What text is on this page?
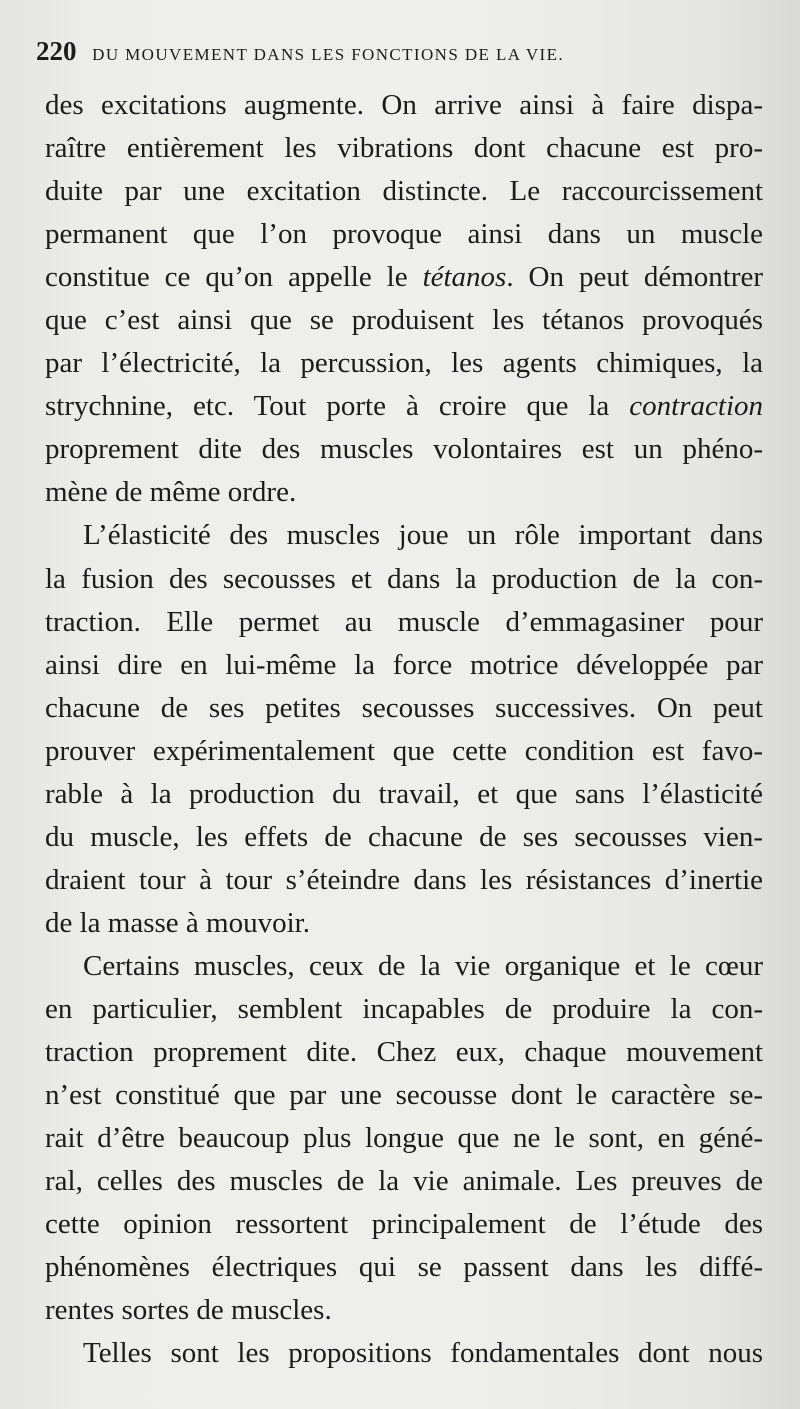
220 DU MOUVEMENT DANS LES FONCTIONS DE LA VIE.
des excitations augmente. On arrive ainsi à faire dispa-
raître entièrement les vibrations dont chacune est pro-
duite par une excitation distincte. Le raccourcissement
permanent que l’on provoque ainsi dans un muscle
constitue ce qu’on appelle le tétanos. On peut démontrer
que c’est ainsi que se produisent les tétanos provoqués
par l’électricité, la percussion, les agents chimiques, la
strychnine, etc. Tout porte à croire que la contraction
proprement dite des muscles volontaires est un phéno-
mène de même ordre.
L’élasticité des muscles joue un rôle important dans
la fusion des secousses et dans la production de la con-
traction. Elle permet au muscle d’emmagasiner pour
ainsi dire en lui-même la force motrice développée par
chacune de ses petites secousses successives. On peut
prouver expérimentalement que cette condition est favo-
rable à la production du travail, et que sans l’élasticité
du muscle, les effets de chacune de ses secousses vien-
draient tour à tour s’éteindre dans les résistances d’inertie
de la masse à mouvoir.
Certains muscles, ceux de la vie organique et le cœur
en particulier, semblent incapables de produire la con-
traction proprement dite. Chez eux, chaque mouvement
n’est constitué que par une secousse dont le caractère se-
rait d’être beaucoup plus longue que ne le sont, en géné-
ral, celles des muscles de la vie animale. Les preuves de
cette opinion ressortent principalement de l’étude des
phénomènes électriques qui se passent dans les diffé-
rentes sortes de muscles.
Telles sont les propositions fondamentales dont nous
